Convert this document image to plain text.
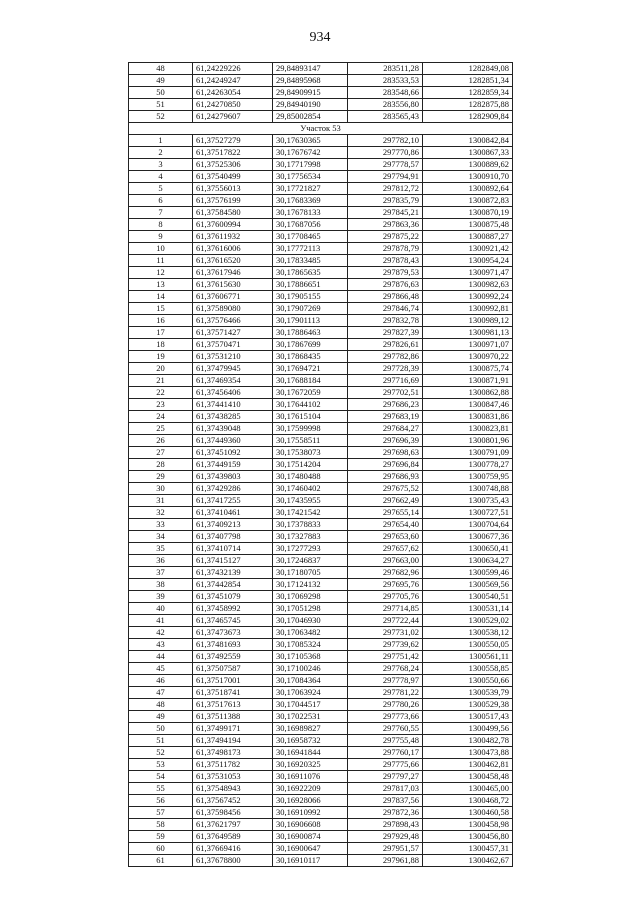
934
48	61,24229226	29,84893147	283511,28	1282849,08
49	61,24249247	29,84895968	283533,53	1282851,34
50	61,24263054	29,84909915	283548,66	1282859,34
51	61,24270850	29,84940190	283556,80	1282875,88
52	61,24279607	29,85002854	283565,43	1282909,84
Участок 53				
1	61,37527279	30,17630365	297782,10	1300842,84
2	61,37517822	30,17676742	297770,86	1300867,33
3	61,37525306	30,17717998	297778,57	1300889,62
4	61,37540499	30,17756534	297794,91	1300910,70
5	61,37556013	30,17721827	297812,72	1300892,64
6	61,37576199	30,17683369	297835,79	1300872,83
7	61,37584580	30,17678133	297845,21	1300870,19
8	61,37600994	30,17687056	297863,36	1300875,48
9	61,37611932	30,17708465	297875,22	1300887,27
10	61,37616006	30,17772113	297878,79	1300921,42
11	61,37616520	30,17833485	297878,43	1300954,24
12	61,37617946	30,17865635	297879,53	1300971,47
13	61,37615630	30,17886651	297876,63	1300982,63
14	61,37606771	30,17905155	297866,48	1300992,24
15	61,37589080	30,17907269	297846,74	1300992,81
16	61,37576466	30,17901113	297832,78	1300989,12
17	61,37571427	30,17886463	297827,39	1300981,13
18	61,37570471	30,17867699	297826,61	1300971,07
19	61,37531210	30,17868435	297782,86	1300970,22
20	61,37479945	30,17694721	297728,39	1300875,74
21	61,37469354	30,17688184	297716,69	1300871,91
22	61,37456406	30,17672059	297702,51	1300862,88
23	61,37441410	30,17644102	297686,23	1300847,46
24	61,37438285	30,17615104	297683,19	1300831,86
25	61,37439048	30,17599998	297684,27	1300823,81
26	61,37449360	30,17558511	297696,39	1300801,96
27	61,37451092	30,17538073	297698,63	1300791,09
28	61,37449159	30,17514204	297696,84	1300778,27
29	61,37439803	30,17480488	297686,93	1300759,95
30	61,37429286	30,17460402	297675,52	1300748,88
31	61,37417255	30,17435955	297662,49	1300735,43
32	61,37410461	30,17421542	297655,14	1300727,51
33	61,37409213	30,17378833	297654,40	1300704,64
34	61,37407798	30,17327883	297653,60	1300677,36
35	61,37410714	30,17277293	297657,62	1300650,41
36	61,37415127	30,17246837	297663,00	1300634,27
37	61,37432139	30,17180705	297682,96	1300599,46
38	61,37442854	30,17124132	297695,76	1300569,56
39	61,37451079	30,17069298	297705,76	1300540,51
40	61,37458992	30,17051298	297714,85	1300531,14
41	61,37465745	30,17046930	297722,44	1300529,02
42	61,37473673	30,17063482	297731,02	1300538,12
43	61,37481693	30,17085324	297739,62	1300550,05
44	61,37492559	30,17105368	297751,42	1300561,11
45	61,37507587	30,17100246	297768,24	1300558,85
46	61,37517001	30,17084364	297778,97	1300550,66
47	61,37518741	30,17063924	297781,22	1300539,79
48	61,37517613	30,17044517	297780,26	1300529,38
49	61,37511388	30,17022531	297773,66	1300517,43
50	61,37499171	30,16989827	297760,55	1300499,56
51	61,37494194	30,16958732	297755,48	1300482,78
52	61,37498173	30,16941844	297760,17	1300473,88
53	61,37511782	30,16920325	297775,66	1300462,81
54	61,37531053	30,16911076	297797,27	1300458,48
55	61,37548943	30,16922209	297817,03	1300465,00
56	61,37567452	30,16928066	297837,56	1300468,72
57	61,37598456	30,16910992	297872,36	1300460,58
58	61,37621797	30,16906608	297898,43	1300458,98
59	61,37649589	30,16900874	297929,48	1300456,80
60	61,37669416	30,16900647	297951,57	1300457,31
61	61,37678800	30,16910117	297961,88	1300462,67
